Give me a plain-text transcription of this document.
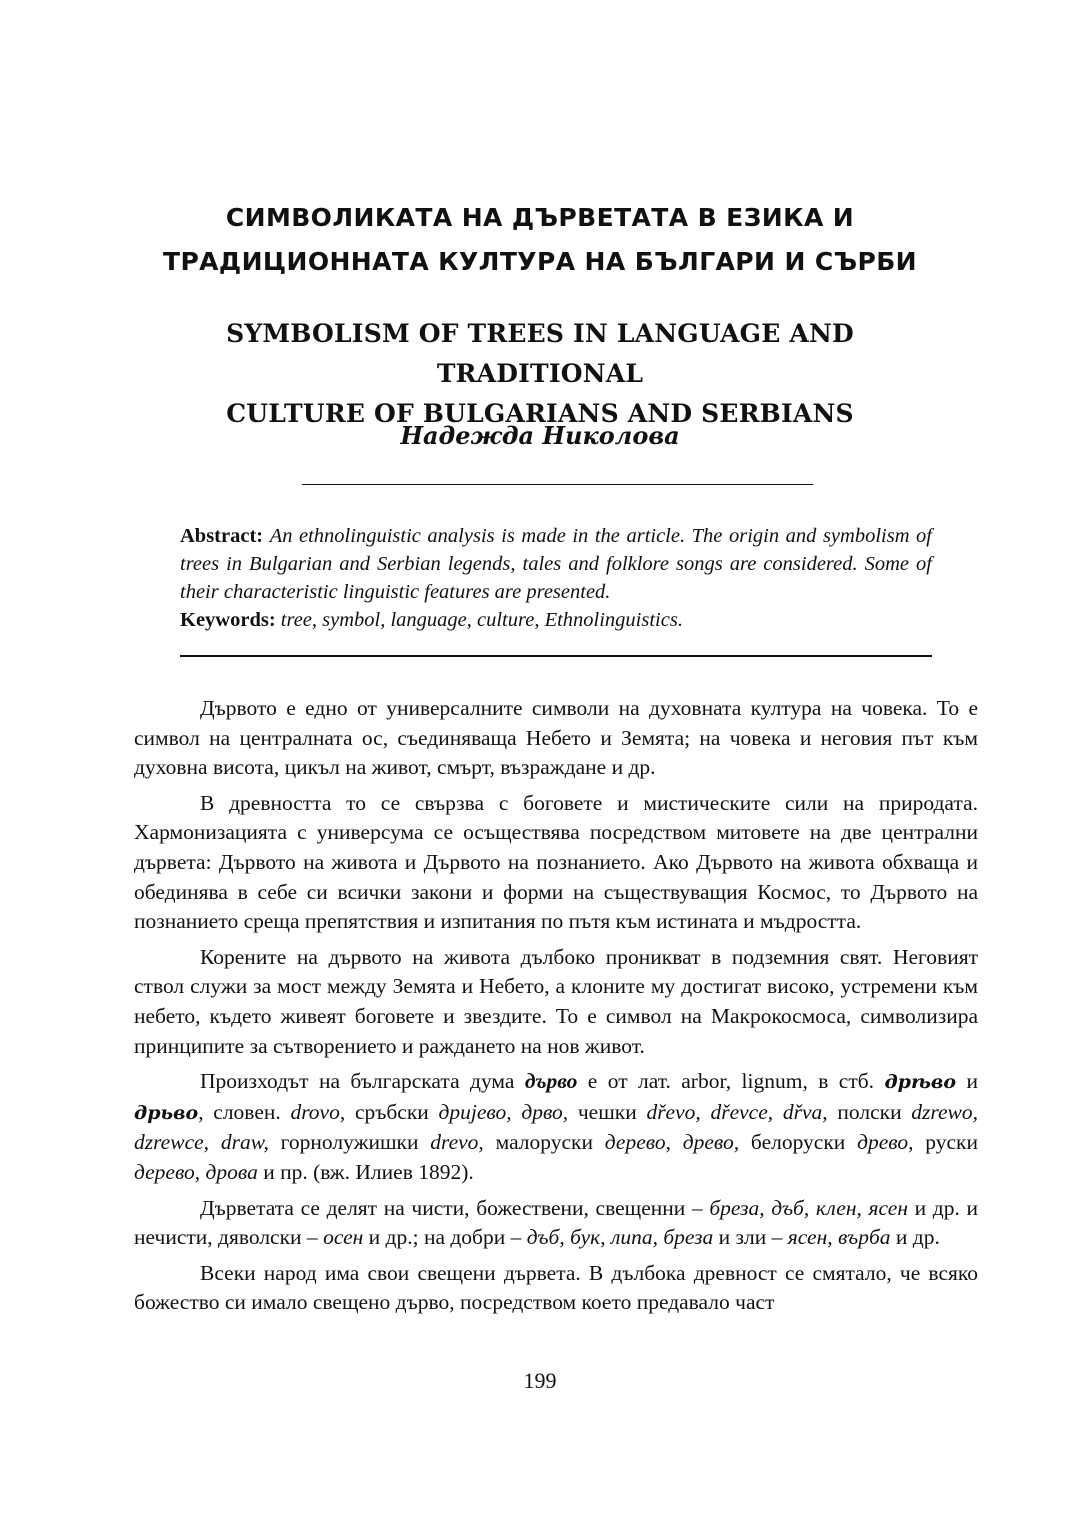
СИМВОЛИКАТА НА ДЪРВЕТАТА В ЕЗИКА И
ТРАДИЦИОННАТА КУЛТУРА НА БЪЛГАРИ И СЪРБИ
SYMBOLISM OF TREES IN LANGUAGE AND TRADITIONAL
CULTURE OF BULGARIANS AND SERBIANS
Надежда Николова

Abstract: An ethnolinguistic analysis is made in the article. The origin and symbolism of trees in Bulgarian and Serbian legends, tales and folklore songs are considered. Some of their characteristic linguistic features are presented.

Keywords: tree, symbol, language, culture, Ethnolinguistics.

Дървото е едно от универсалните символи на духовната култура на човека. То е символ на централната ос, съединяваща Небето и Земята; на човека и неговия път към духовна висота, цикъл на живот, смърт, възраждане и др.

В древността то се свързва с боговете и мистическите сили на природата. Хармонизацията с универсума се осъществява посредством митовете на две централни дървета: Дървото на живота и Дървото на познанието. Ако Дървото на живота обхваща и обединява в себе си всички закони и форми на съществуващия Космос, то Дървото на познанието среща препятствия и изпитания по пътя към истината и мъдростта.

Корените на дървото на живота дълбоко проникват в подземния свят. Неговият ствол служи за мост между Земята и Небето, а клоните му достигат високо, устремени към небето, където живеят боговете и звездите. То е символ на Макрокосмоса, символизира принципите за сътворението и раждането на нов живот.

Произходът на българската дума дърво е от лат. arbor, lignum, в стб. дрѣво и дрьво, словен. drovo, сръбски дријево, дрво, чешки dřevo, dřevce, dřva, полски dzrewo, dzrewce, draw, горнолужишки drevo, малоруски дерево, древо, белоруски древо, руски дерево, дрова и пр. (вж. Илиев 1892).

Дърветата се делят на чисти, божествени, свещенни – бреза, дъб, клен, ясен и др. и нечисти, дяволски – осен и др.; на добри – дъб, бук, липа, бреза и зли – ясен, върба и др.

Всеки народ има свои свещени дървета. В дълбока древност се смятало, че всяко божество си имало свещено дърво, посредством което предавало част

199
